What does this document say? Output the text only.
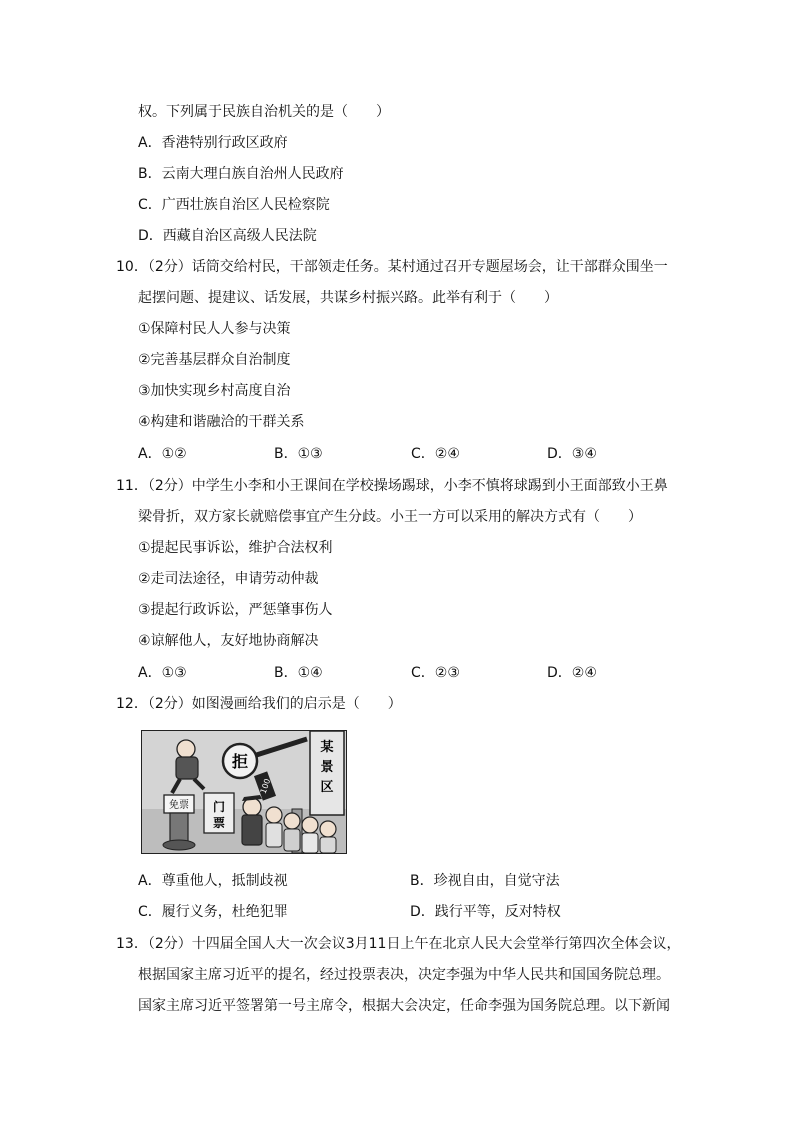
权。下列属于民族自治机关的是（　　）
A．香港特别行政区政府
B．云南大理白族自治州人民政府
C．广西壮族自治区人民检察院
D．西藏自治区高级人民法院
10．（2分）话筒交给村民，干部领走任务。某村通过召开专题屋场会，让干部群众围坐一
起摆问题、提建议、话发展，共谋乡村振兴路。此举有利于（　　）
①保障村民人人参与决策
②完善基层群众自治制度
③加快实现乡村高度自治
④构建和谐融洽的干群关系
A．①②	B．①③	C．②④	D．③④
11．（2分）中学生小李和小王课间在学校操场踢球，小李不慎将球踢到小王面部致小王鼻
梁骨折，双方家长就赔偿事宜产生分歧。小王一方可以采用的解决方式有（　　）
①提起民事诉讼，维护合法权利
②走司法途径，申请劳动仲裁
③提起行政诉讼，严惩肇事伤人
④谅解他人，友好地协商解决
A．①③	B．①④	C．②③	D．②④
12．（2分）如图漫画给我们的启示是（　　）
某
景
区
拒
免票 门
票
100
A．尊重他人，抵制歧视	B．珍视自由，自觉守法
C．履行义务，杜绝犯罪	D．践行平等，反对特权
13．（2分）十四届全国人大一次会议3月11日上午在北京人民大会堂举行第四次全体会议，
根据国家主席习近平的提名，经过投票表决，决定李强为中华人民共和国国务院总理。
国家主席习近平签署第一号主席令，根据大会决定，任命李强为国务院总理。以下新闻
